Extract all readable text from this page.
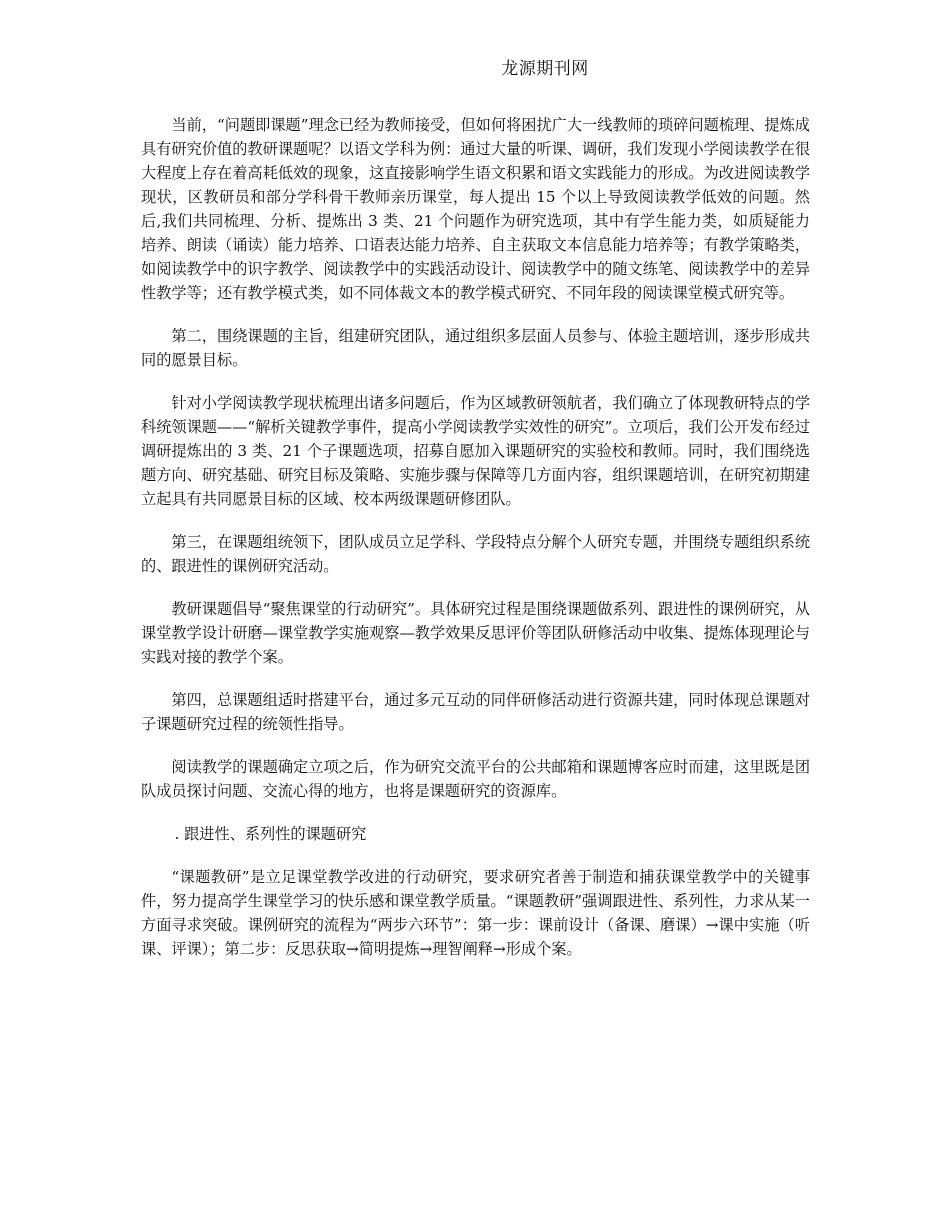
龙源期刊网

当前，“问题即课题”理念已经为教师接受，但如何将困扰广大一线教师的琐碎问题梳理、提炼成具有研究价值的教研课题呢？以语文学科为例：通过大量的听课、调研，我们发现小学阅读教学在很大程度上存在着高耗低效的现象，这直接影响学生语文积累和语文实践能力的形成。为改进阅读教学现状，区教研员和部分学科骨干教师亲历课堂，每人提出 15 个以上导致阅读教学低效的问题。然后,我们共同梳理、分析、提炼出 3 类、21 个问题作为研究选项，其中有学生能力类，如质疑能力培养、朗读（诵读）能力培养、口语表达能力培养、自主获取文本信息能力培养等；有教学策略类，如阅读教学中的识字教学、阅读教学中的实践活动设计、阅读教学中的随文练笔、阅读教学中的差异性教学等；还有教学模式类，如不同体裁文本的教学模式研究、不同年段的阅读课堂模式研究等。

第二，围绕课题的主旨，组建研究团队，通过组织多层面人员参与、体验主题培训，逐步形成共同的愿景目标。

针对小学阅读教学现状梳理出诸多问题后，作为区域教研领航者，我们确立了体现教研特点的学科统领课题——“解析关键教学事件，提高小学阅读教学实效性的研究”。立项后，我们公开发布经过调研提炼出的 3 类、21 个子课题选项，招募自愿加入课题研究的实验校和教师。同时，我们围绕选题方向、研究基础、研究目标及策略、实施步骤与保障等几方面内容，组织课题培训，在研究初期建立起具有共同愿景目标的区域、校本两级课题研修团队。

第三，在课题组统领下，团队成员立足学科、学段特点分解个人研究专题，并围绕专题组织系统的、跟进性的课例研究活动。

教研课题倡导“聚焦课堂的行动研究”。具体研究过程是围绕课题做系列、跟进性的课例研究，从课堂教学设计研磨—课堂教学实施观察—教学效果反思评价等团队研修活动中收集、提炼体现理论与实践对接的教学个案。

第四，总课题组适时搭建平台，通过多元互动的同伴研修活动进行资源共建，同时体现总课题对子课题研究过程的统领性指导。

阅读教学的课题确定立项之后，作为研究交流平台的公共邮箱和课题博客应时而建，这里既是团队成员探讨问题、交流心得的地方，也将是课题研究的资源库。

. 跟进性、系列性的课题研究

“课题教研”是立足课堂教学改进的行动研究，要求研究者善于制造和捕获课堂教学中的关键事件，努力提高学生课堂学习的快乐感和课堂教学质量。“课题教研”强调跟进性、系列性，力求从某一方面寻求突破。课例研究的流程为“两步六环节”：第一步：课前设计（备课、磨课）→课中实施（听课、评课）；第二步：反思获取→简明提炼→理智阐释→形成个案。
